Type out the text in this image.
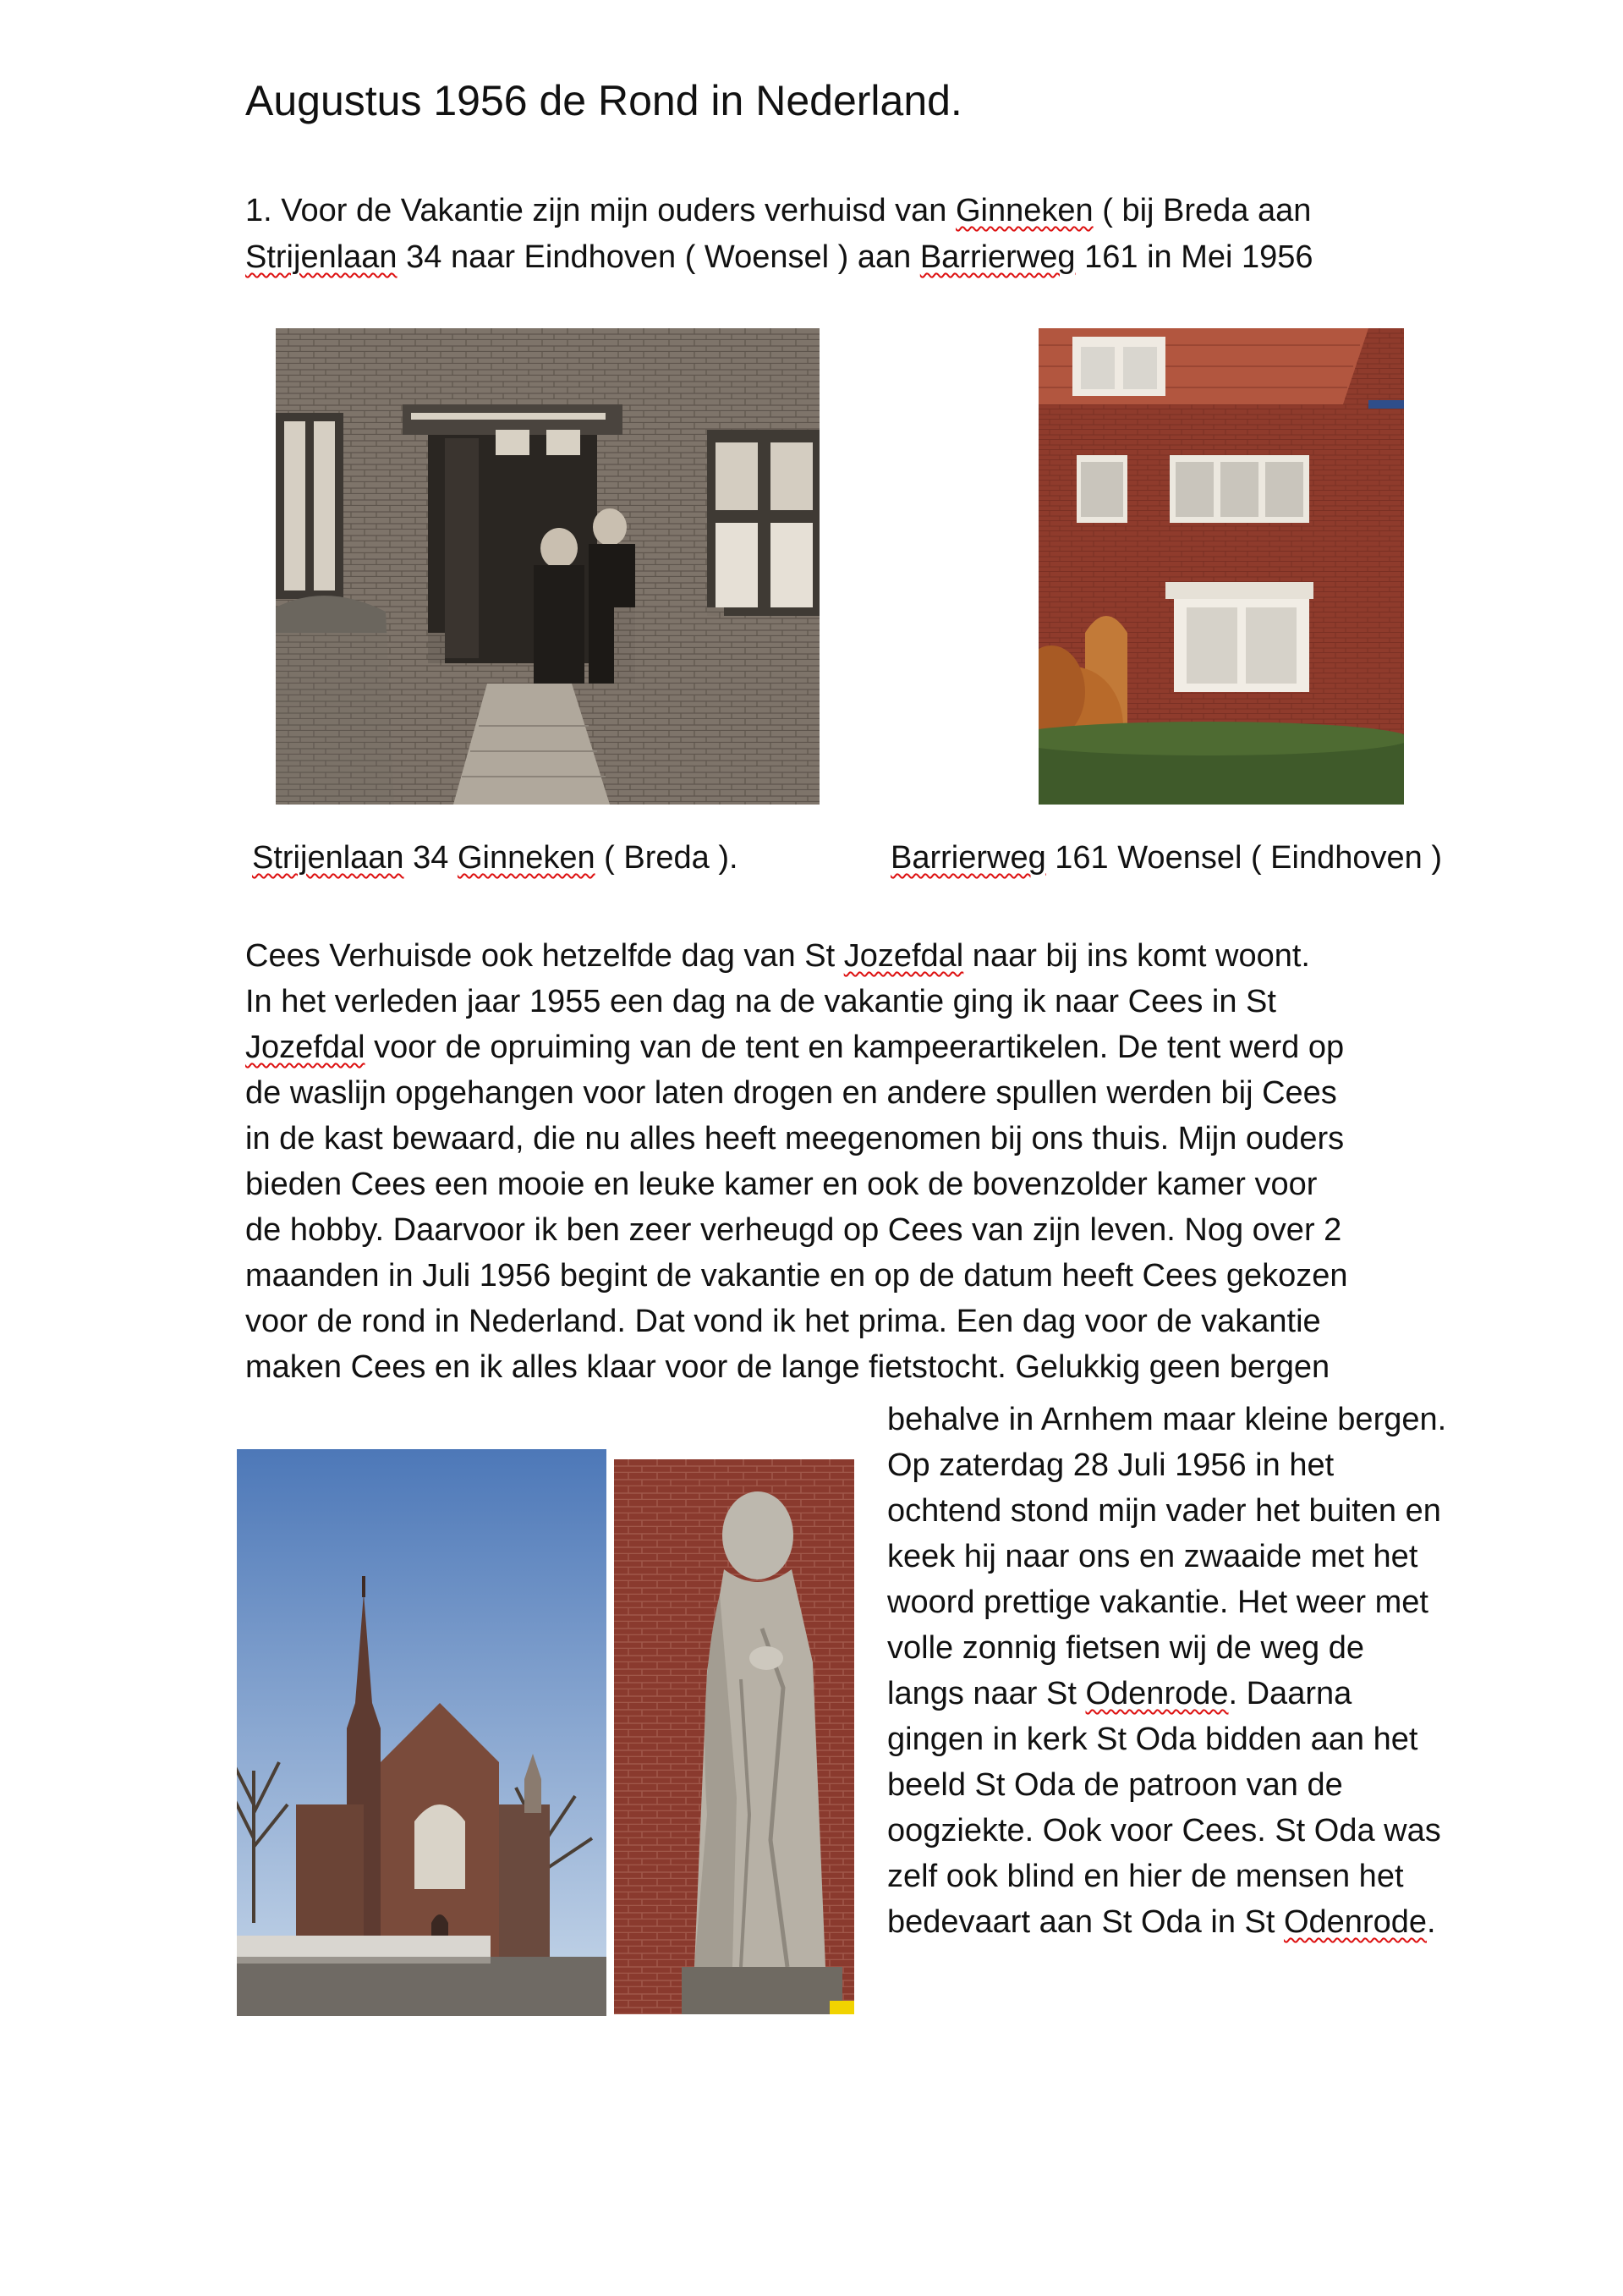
Augustus 1956 de Rond in Nederland.
1. Voor de Vakantie zijn mijn ouders verhuisd van Ginneken ( bij Breda aan
Strijenlaan 34 naar Eindhoven ( Woensel ) aan Barrierweg 161 in Mei 1956
Strijenlaan 34 Ginneken ( Breda ).	Barrierweg 161 Woensel ( Eindhoven )
Cees Verhuisde ook hetzelfde dag van St Jozefdal naar bij ins komt woont.
In het verleden jaar 1955 een dag na de vakantie ging ik naar Cees in St
Jozefdal voor de opruiming van de tent en kampeerartikelen. De tent werd op
de waslijn opgehangen voor laten drogen en andere spullen werden bij Cees
in de kast bewaard, die nu alles heeft meegenomen bij ons thuis. Mijn ouders
bieden Cees een mooie en leuke kamer en ook de bovenzolder kamer voor
de hobby. Daarvoor ik ben zeer verheugd op Cees van zijn leven. Nog over 2
maanden in Juli 1956 begint de vakantie en op de datum heeft Cees gekozen
voor de rond in Nederland. Dat vond ik het prima. Een dag voor de vakantie
maken Cees en ik alles klaar voor de lange fietstocht. Gelukkig geen bergen
behalve in Arnhem maar kleine bergen.
Op zaterdag 28 Juli 1956 in het
ochtend stond mijn vader het buiten en
keek hij naar ons en zwaaide met het
woord prettige vakantie. Het weer met
volle zonnig fietsen wij de weg de
langs naar St Odenrode. Daarna
gingen in kerk St Oda bidden aan het
beeld St Oda de patroon van de
oogziekte. Ook voor Cees. St Oda was
zelf ook blind en hier de mensen het
bedevaart aan St Oda in St Odenrode.
